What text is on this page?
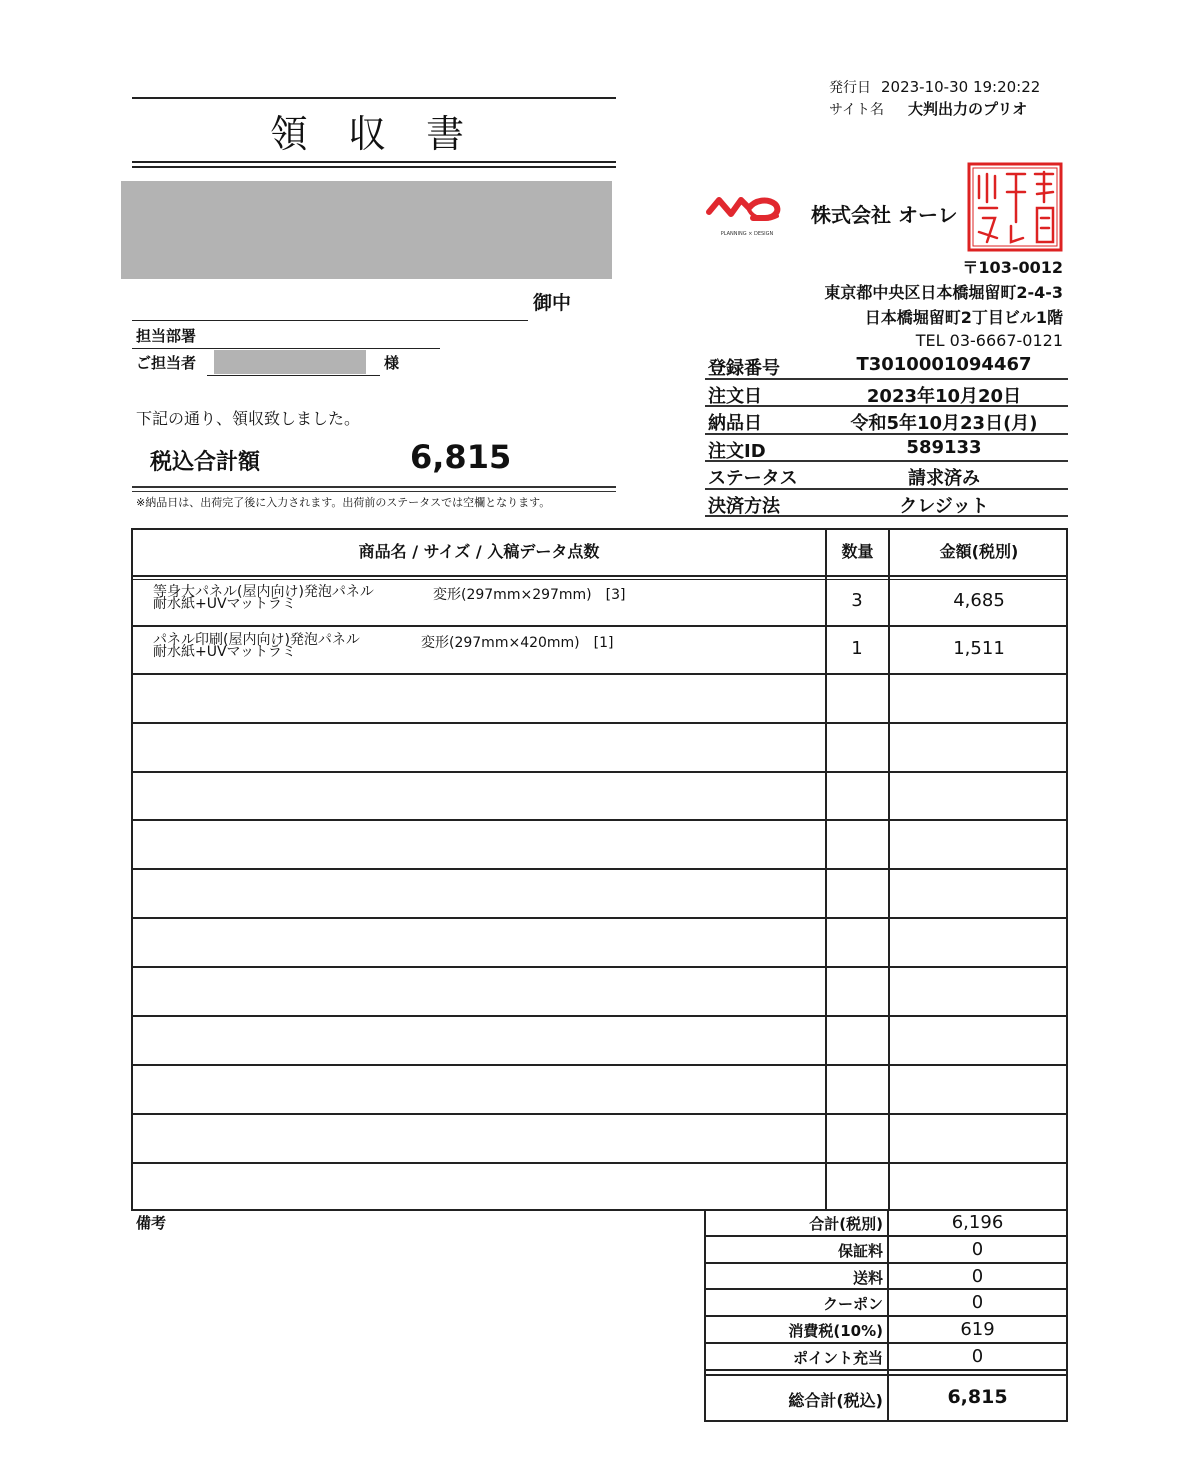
領 収 書
御中
担当部署
ご担当者	様
下記の通り、領収致しました。
税込合計額	6,815
※納品日は、出荷完了後に入力されます。出荷前のステータスでは空欄となります。
発行日 2023-10-30 19:20:22
サイト名 大判出力のプリオ
PLANNING × DESIGN
株式会社 オーレ
〒103-0012
東京都中央区日本橋堀留町2-4-3
日本橋堀留町2丁目ビル1階
TEL 03-6667-0121
登録番号	T3010001094467
注文日	2023年10月20日
納品日	令和5年10月23日(月)
注文ID	589133
ステータス	請求済み
決済方法	クレジット
商品名 / サイズ / 入稿データ点数	数量	金額(税別)
等身大パネル(屋内向け)発泡パネル
耐水紙+UVマットラミ
変形(297mm×297mm)　[3]	3	4,685
パネル印刷(屋内向け)発泡パネル
耐水紙+UVマットラミ
変形(297mm×420mm)　[1]	1	1,511
備考	合計(税別)	6,196
保証料	0
送料	0
クーポン	0
消費税(10%)	619
ポイント充当	0
総合計(税込)	6,815
